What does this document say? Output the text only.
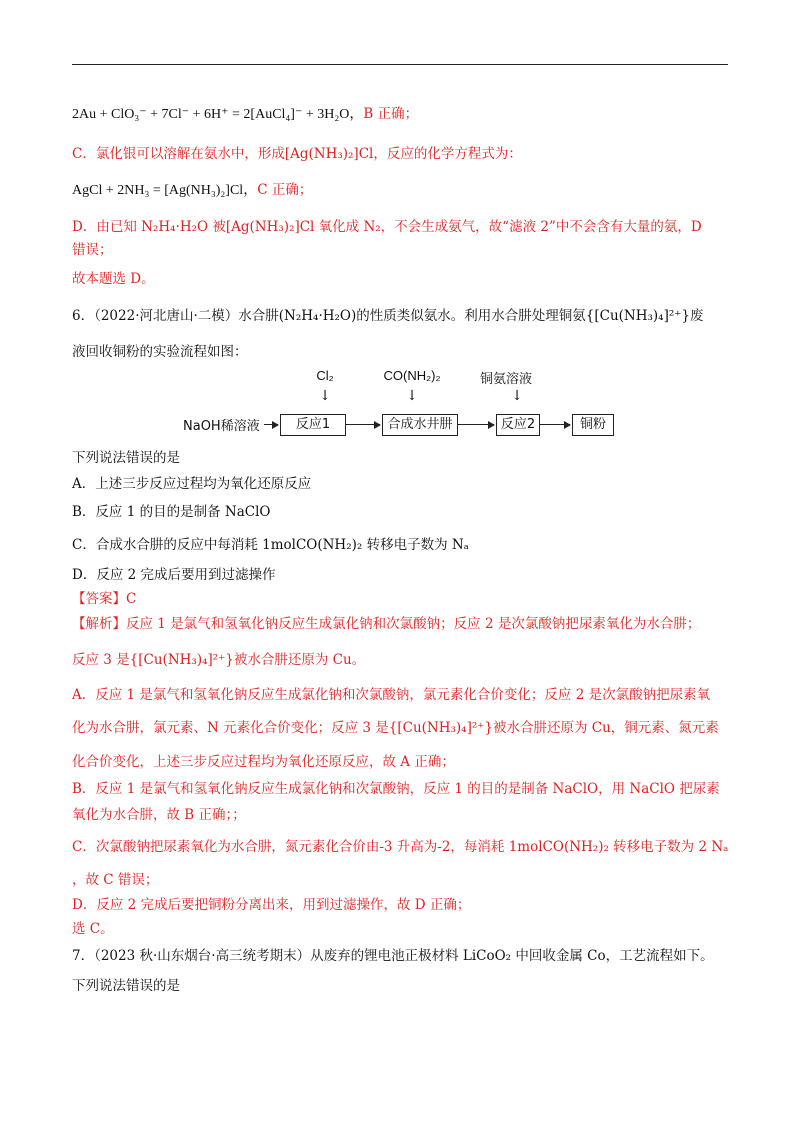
2Au + ClO₃⁻ + 7Cl⁻ + 6H⁺ = 2[AuCl₄]⁻ + 3H₂O，B 正确；
C．氯化银可以溶解在氨水中，形成[Ag(NH₃)₂]Cl，反应的化学方程式为：
AgCl + 2NH₃ = [Ag(NH₃)₂]Cl，C 正确；
D．由已知 N₂H₄·H₂O 被[Ag(NH₃)₂]Cl 氧化成 N₂，不会生成氨气，故“滤液 2”中不会含有大量的氨，D
错误；
故本题选 D。
6．（2022·河北唐山·二模）水合肼(N₂H₄·H₂O)的性质类似氨水。利用水合肼处理铜氨{[Cu(NH₃)₄]²⁺}废
液回收铜粉的实验流程如图：
Cl₂	CO(NH₂)₂	铜氨溶液
↓	↓	↓
NaOH稀溶液	反应1	合成水井肼	反应2	铜粉
下列说法错误的是
A．上述三步反应过程均为氧化还原反应
B．反应 1 的目的是制备 NaClO
C．合成水合肼的反应中每消耗 1molCO(NH₂)₂ 转移电子数为 Nₐ
D．反应 2 完成后要用到过滤操作
【答案】C
【解析】反应 1 是氯气和氢氧化钠反应生成氯化钠和次氯酸钠；反应 2 是次氯酸钠把尿素氧化为水合肼；
反应 3 是{[Cu(NH₃)₄]²⁺}被水合肼还原为 Cu。
A．反应 1 是氯气和氢氧化钠反应生成氯化钠和次氯酸钠，氯元素化合价变化；反应 2 是次氯酸钠把尿素氧
化为水合肼，氯元素、N 元素化合价变化；反应 3 是{[Cu(NH₃)₄]²⁺}被水合肼还原为 Cu，铜元素、氮元素
化合价变化，上述三步反应过程均为氧化还原反应，故 A 正确；
B．反应 1 是氯气和氢氧化钠反应生成氯化钠和次氯酸钠，反应 1 的目的是制备 NaClO，用 NaClO 把尿素
氧化为水合肼，故 B 正确；；
C．次氯酸钠把尿素氧化为水合肼，氮元素化合价由-3 升高为-2，每消耗 1molCO(NH₂)₂ 转移电子数为 2 Nₐ
，故 C 错误；
D．反应 2 完成后要把铜粉分离出来，用到过滤操作，故 D 正确；
选 C。
7．（2023 秋·山东烟台·高三统考期末）从废弃的锂电池正极材料 LiCoO₂ 中回收金属 Co，工艺流程如下。
下列说法错误的是
